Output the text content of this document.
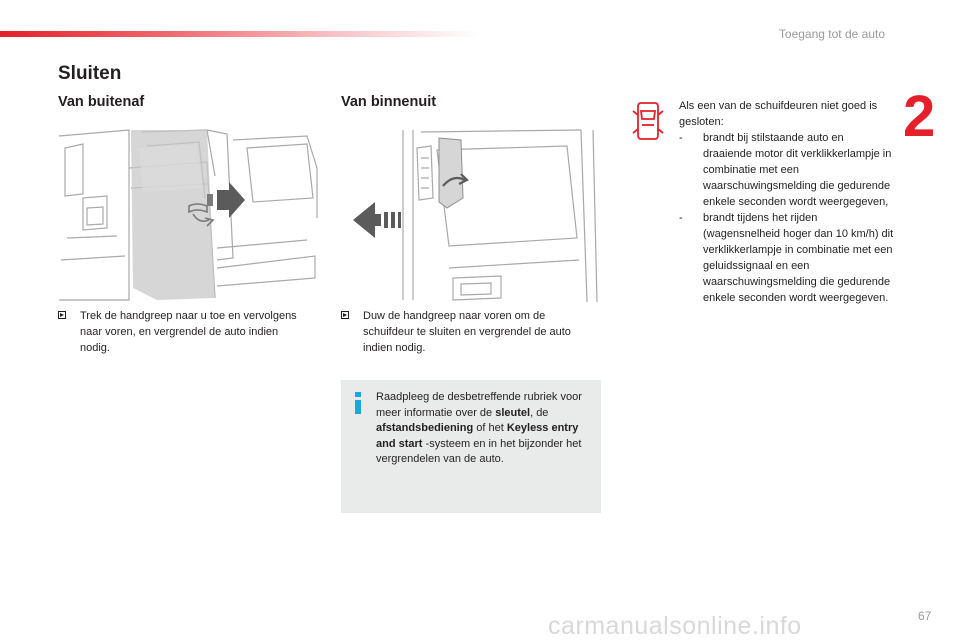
Toegang tot de auto
2
Sluiten
Van buitenaf	Van binnenuit
Trek de handgreep naar u toe en vervolgens naar voren, en vergrendel de auto indien nodig.
Duw de handgreep naar voren om de schuifdeur te sluiten en vergrendel de auto indien nodig.
Raadpleeg de desbetreffende rubriek voor meer informatie over de sleutel, de afstandsbediening of het Keyless entry and start -systeem en in het bijzonder het vergrendelen van de auto.
Als een van de schuifdeuren niet goed is gesloten:
- brandt bij stilstaande auto en draaiende motor dit verklikkerlampje in combinatie met een waarschuwingsmelding die gedurende enkele seconden wordt weergegeven,
- brandt tijdens het rijden (wagensnelheid hoger dan 10 km/h) dit verklikkerlampje in combinatie met een geluidssignaal en een waarschuwingsmelding die gedurende enkele seconden wordt weergegeven.
67
carmanualsonline.info
